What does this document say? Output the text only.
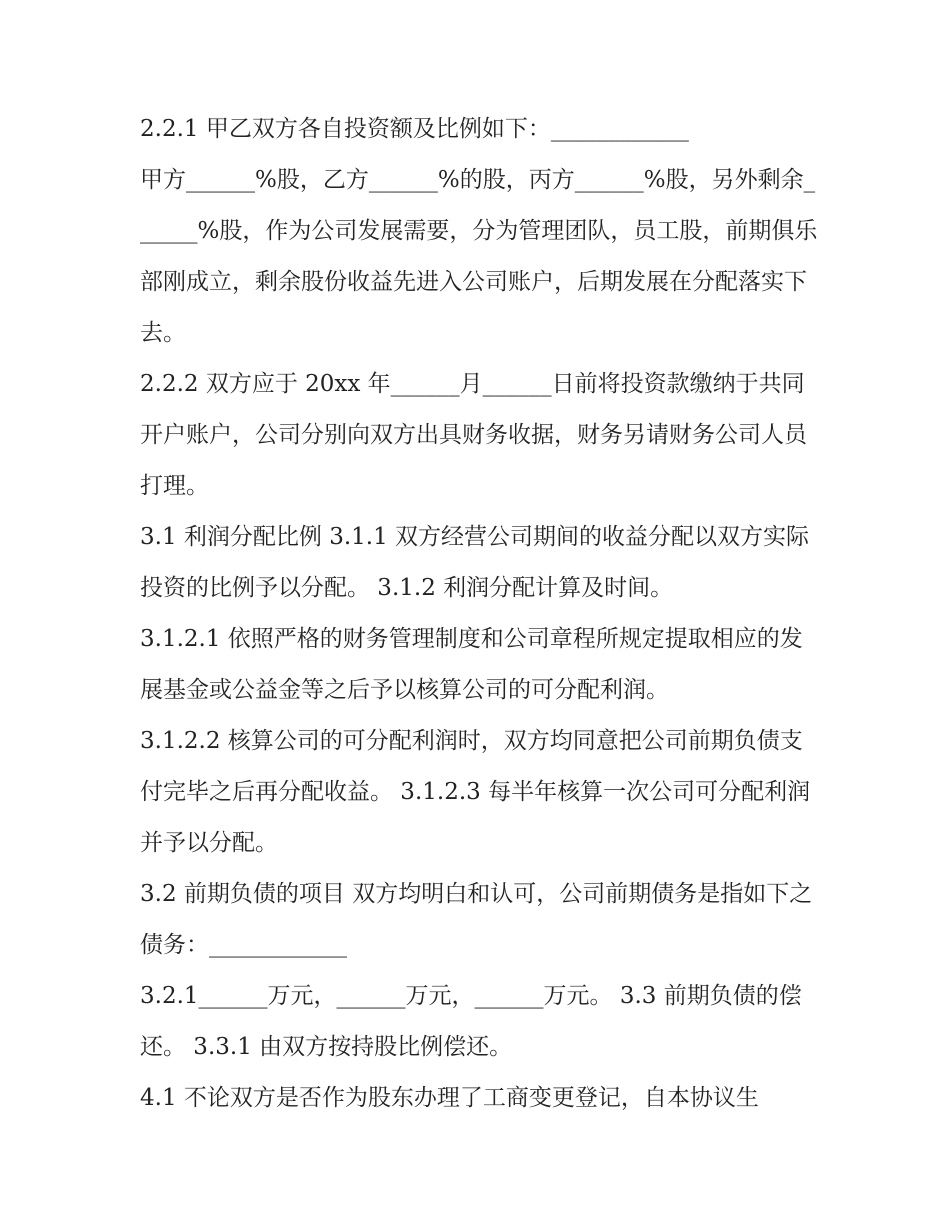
2.2.1 甲乙双方各自投资额及比例如下：____________

甲方______%股，乙方______%的股，丙方______%股，另外剩余______%股，作为公司发展需要，分为管理团队，员工股，前期俱乐部刚成立，剩余股份收益先进入公司账户，后期发展在分配落实下去。

2.2.2 双方应于 20xx 年______月______日前将投资款缴纳于共同开户账户，公司分别向双方出具财务收据，财务另请财务公司人员打理。

3.1 利润分配比例 3.1.1 双方经营公司期间的收益分配以双方实际投资的比例予以分配。 3.1.2 利润分配计算及时间。

3.1.2.1 依照严格的财务管理制度和公司章程所规定提取相应的发展基金或公益金等之后予以核算公司的可分配利润。

3.1.2.2 核算公司的可分配利润时，双方均同意把公司前期负债支付完毕之后再分配收益。 3.1.2.3 每半年核算一次公司可分配利润并予以分配。

3.2 前期负债的项目 双方均明白和认可，公司前期债务是指如下之债务：____________

3.2.1______万元，______万元，______万元。 3.3 前期负债的偿还。 3.3.1 由双方按持股比例偿还。

4.1 不论双方是否作为股东办理了工商变更登记，自本协议生
